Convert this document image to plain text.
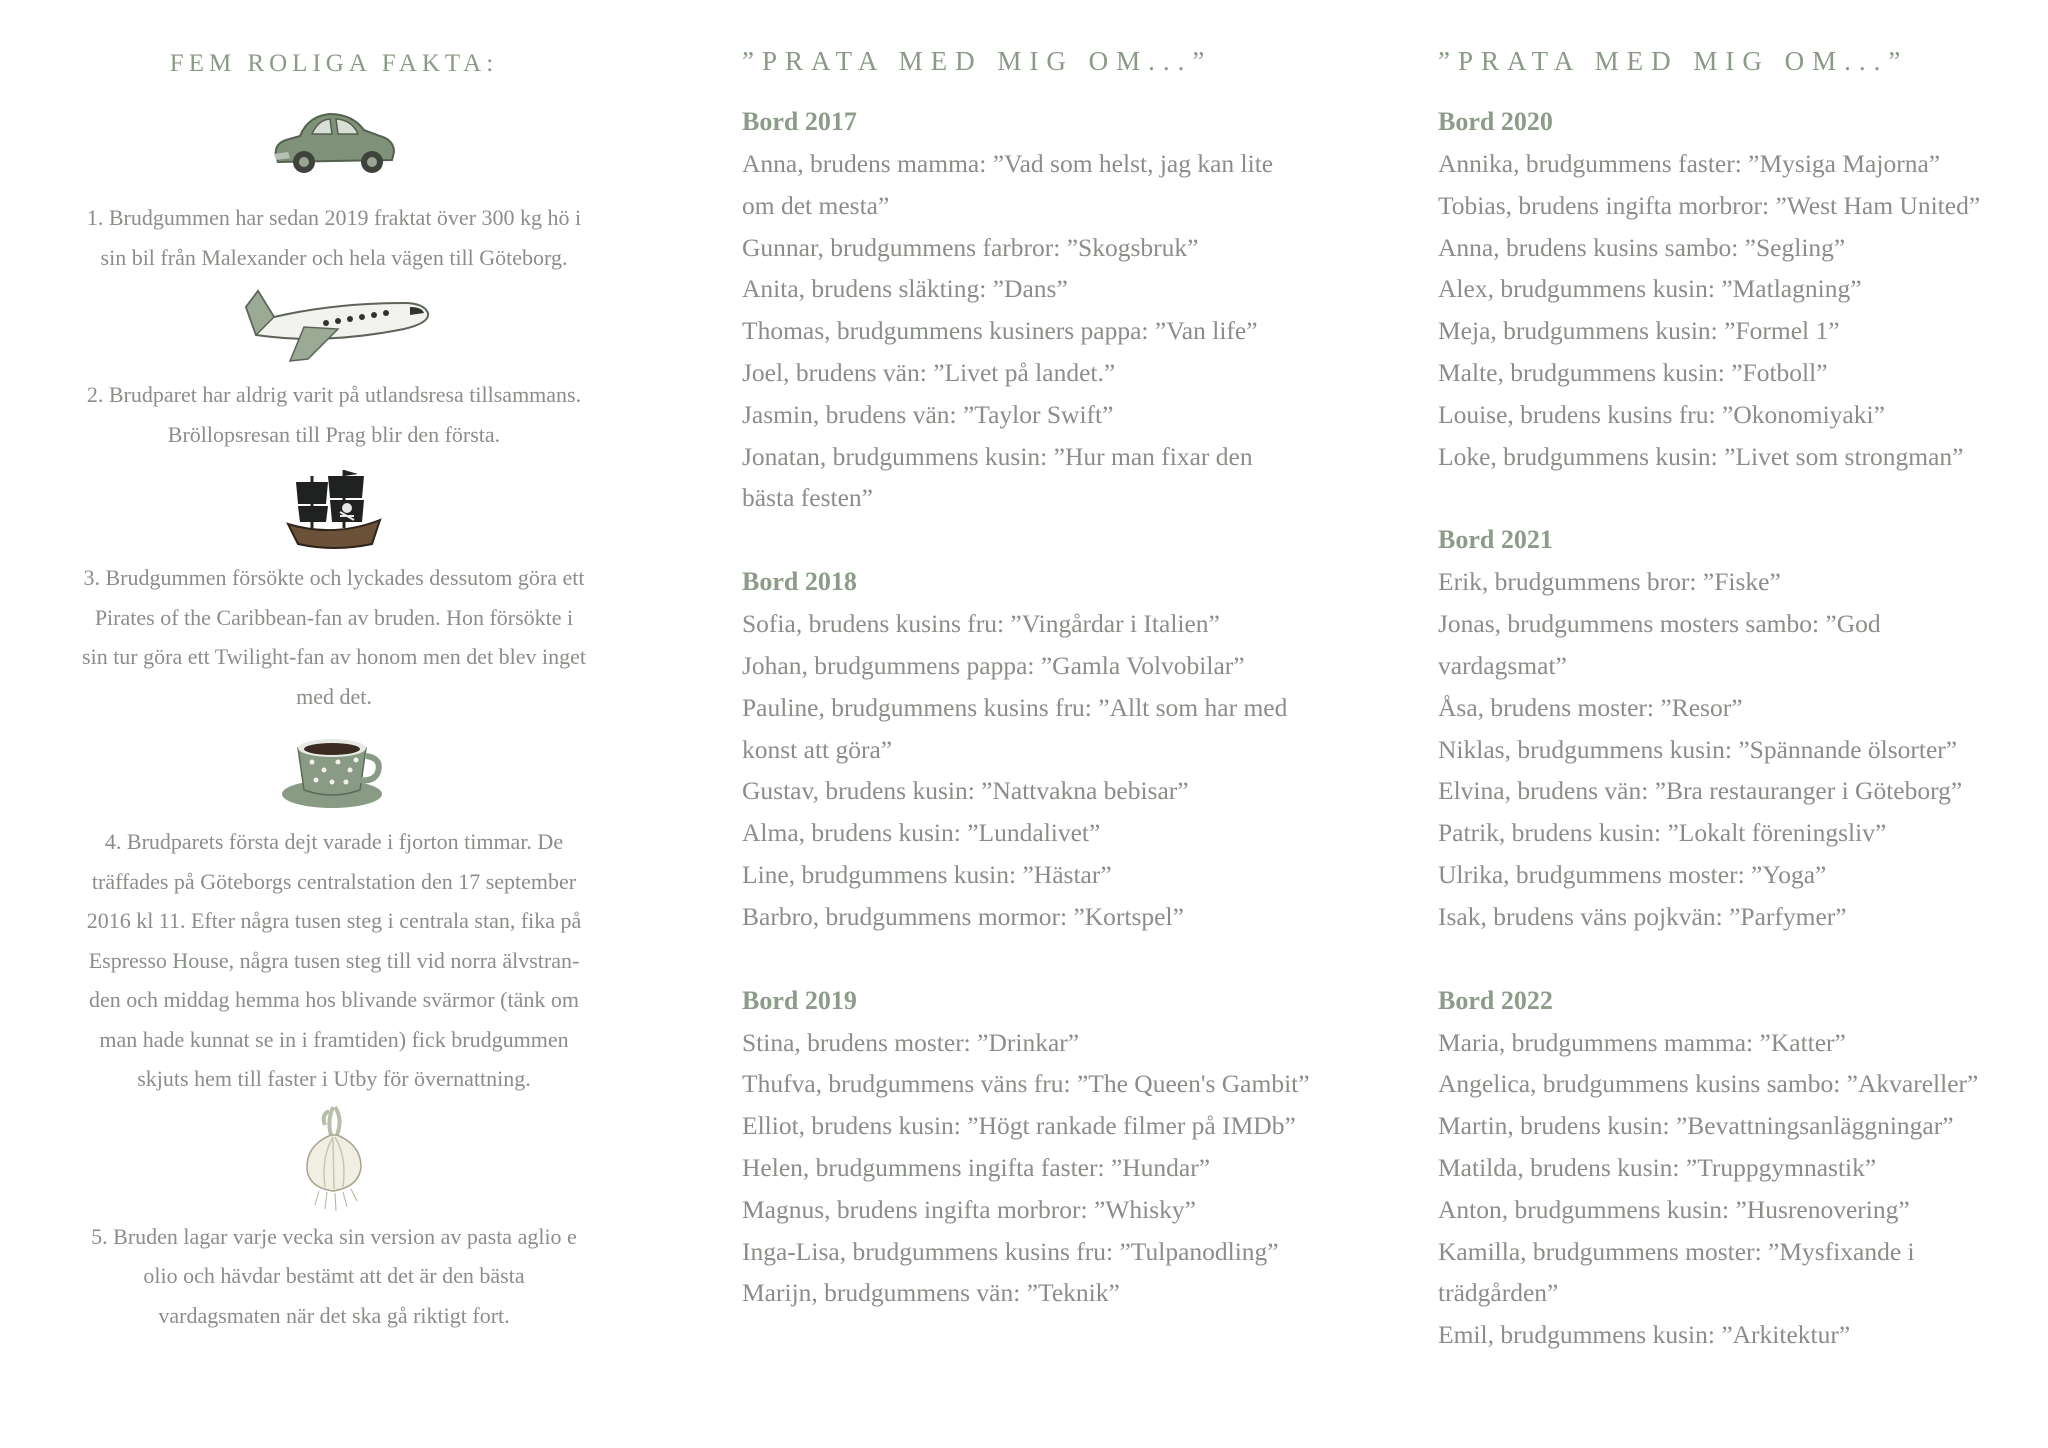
FEM ROLIGA FAKTA:
1. Brudgummen har sedan 2019 fraktat över 300 kg hö i
sin bil från Malexander och hela vägen till Göteborg.
2. Brudparet har aldrig varit på utlandsresa tillsammans.
Bröllopsresan till Prag blir den första.
3. Brudgummen försökte och lyckades dessutom göra ett
Pirates of the Caribbean-fan av bruden. Hon försökte i
sin tur göra ett Twilight-fan av honom men det blev inget
med det.
4. Brudparets första dejt varade i fjorton timmar. De
träffades på Göteborgs centralstation den 17 september
2016 kl 11. Efter några tusen steg i centrala stan, fika på
Espresso House, några tusen steg till vid norra älvstran-
den och middag hemma hos blivande svärmor (tänk om
man hade kunnat se in i framtiden) fick brudgummen
skjuts hem till faster i Utby för övernattning.
5. Bruden lagar varje vecka sin version av pasta aglio e
olio och hävdar bestämt att det är den bästa
vardagsmaten när det ska gå riktigt fort.
”PRATA MED MIG OM...”
Bord 2017
Anna, brudens mamma: ”Vad som helst, jag kan lite
om det mesta”
Gunnar, brudgummens farbror: ”Skogsbruk”
Anita, brudens släkting: ”Dans”
Thomas, brudgummens kusiners pappa: ”Van life”
Joel, brudens vän: ”Livet på landet.”
Jasmin, brudens vän: ”Taylor Swift”
Jonatan, brudgummens kusin: ”Hur man fixar den
bästa festen”
Bord 2018
Sofia, brudens kusins fru: ”Vingårdar i Italien”
Johan, brudgummens pappa: ”Gamla Volvobilar”
Pauline, brudgummens kusins fru: ”Allt som har med
konst att göra”
Gustav, brudens kusin: ”Nattvakna bebisar”
Alma, brudens kusin: ”Lundalivet”
Line, brudgummens kusin: ”Hästar”
Barbro, brudgummens mormor: ”Kortspel”
Bord 2019
Stina, brudens moster: ”Drinkar”
Thufva, brudgummens väns fru: ”The Queen's Gambit”
Elliot, brudens kusin: ”Högt rankade filmer på IMDb”
Helen, brudgummens ingifta faster: ”Hundar”
Magnus, brudens ingifta morbror: ”Whisky”
Inga-Lisa, brudgummens kusins fru: ”Tulpanodling”
Marijn, brudgummens vän: ”Teknik”
”PRATA MED MIG OM...”
Bord 2020
Annika, brudgummens faster: ”Mysiga Majorna”
Tobias, brudens ingifta morbror: ”West Ham United”
Anna, brudens kusins sambo: ”Segling”
Alex, brudgummens kusin: ”Matlagning”
Meja, brudgummens kusin: ”Formel 1”
Malte, brudgummens kusin: ”Fotboll”
Louise, brudens kusins fru: ”Okonomiyaki”
Loke, brudgummens kusin: ”Livet som strongman”
Bord 2021
Erik, brudgummens bror: ”Fiske”
Jonas, brudgummens mosters sambo: ”God
vardagsmat”
Åsa, brudens moster: ”Resor”
Niklas, brudgummens kusin: ”Spännande ölsorter”
Elvina, brudens vän: ”Bra restauranger i Göteborg”
Patrik, brudens kusin: ”Lokalt föreningsliv”
Ulrika, brudgummens moster: ”Yoga”
Isak, brudens väns pojkvän: ”Parfymer”
Bord 2022
Maria, brudgummens mamma: ”Katter”
Angelica, brudgummens kusins sambo: ”Akvareller”
Martin, brudens kusin: ”Bevattningsanläggningar”
Matilda, brudens kusin: ”Truppgymnastik”
Anton, brudgummens kusin: ”Husrenovering”
Kamilla, brudgummens moster: ”Mysfixande i
trädgården”
Emil, brudgummens kusin: ”Arkitektur”
